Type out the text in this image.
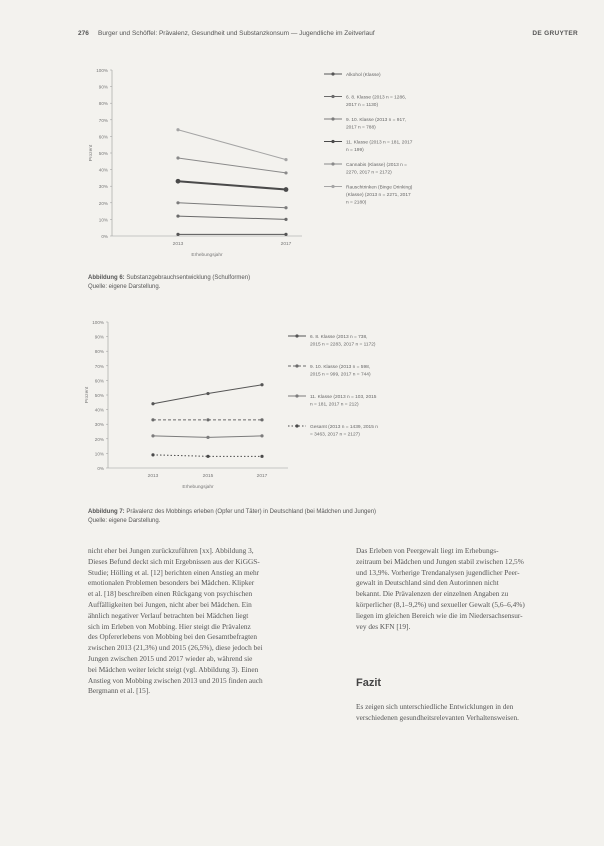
276 Burger und Schöffel: Prävalenz, Gesundheit und Substanzkonsum — Jugendliche im Zeitverlauf	DE GRUYTER
0%
10%
20%
30%
40%
50%
60%
70%
80%
90%
100%
2013	2017
Erhebungsjahr
Prozent
Alkohol (Klasse)
6. 8. Klasse (2013 n = 1286,
2017 n = 1130)
9. 10. Klasse (2013 n = 917,
2017 n = 788)
11. Klasse (2013 n = 181, 2017
n = 199)
Cannabis (Klasse) (2013 n =
2270, 2017 n = 2172)
Rauschtrinken (Binge Drinking)
(Klasse) (2013 n = 2271, 2017
n = 2180)
Abbildung 6: Substanzgebrauchsentwicklung (Schulformen)
Quelle: eigene Darstellung.
0%
10%
20%
30%
40%
50%
60%
70%
80%
90%
100%
2013	2015	2017
Erhebungsjahr
Prozent
6. 8. Klasse (2013 n = 738,
2015 n = 2283, 2017 n = 1172)
9. 10. Klasse (2013 n = 598,
2015 n = 999, 2017 n = 744)
11. Klasse (2013 n = 103, 2015
n = 181, 2017 n = 212)
Gesamt (2013 n = 1439, 2015 n
= 3463, 2017 n = 2127)
Abbildung 7: Prävalenz des Mobbings erleben (Opfer und Täter) in Deutschland (bei Mädchen und Jungen)
Quelle: eigene Darstellung.
nicht eher bei Jungen zurückzuführen [xx]. Abbildung 3,
Dieses Befund deckt sich mit Ergebnissen aus der KiGGS-
Studie; Hölling et al. [12] berichten einen Anstieg an mehr
emotionalen Problemen besonders bei Mädchen. Klipker
et al. [18] beschreiben einen Rückgang von psychischen
Auffälligkeiten bei Jungen, nicht aber bei Mädchen. Ein
ähnlich negativer Verlauf betrachten bei Mädchen liegt
sich im Erleben von Mobbing. Hier steigt die Prävalenz
des Opfererlebens von Mobbing bei den Gesamtbefragten
zwischen 2013 (21,3%) und 2015 (26,5%), diese jedoch bei
Jungen zwischen 2015 und 2017 wieder ab, während sie
bei Mädchen weiter leicht steigt (vgl. Abbildung 3). Einen
Anstieg von Mobbing zwischen 2013 und 2015 finden auch
Bergmann et al. [15].
Das Erleben von Peergewalt liegt im Erhebungs-
zeitraum bei Mädchen und Jungen stabil zwischen 12,5%
und 13,9%. Vorherige Trendanalysen jugendlicher Peer-
gewalt in Deutschland sind den Autorinnen nicht
bekannt. Die Prävalenzen der einzelnen Angaben zu
körperlicher (8,1–9,2%) und sexueller Gewalt (5,6–6,4%)
liegen im gleichen Bereich wie die im Niedersachsensur-
vey des KFN [19].
Fazit
Es zeigen sich unterschiedliche Entwicklungen in den
verschiedenen gesundheitsrelevanten Verhaltensweisen.
